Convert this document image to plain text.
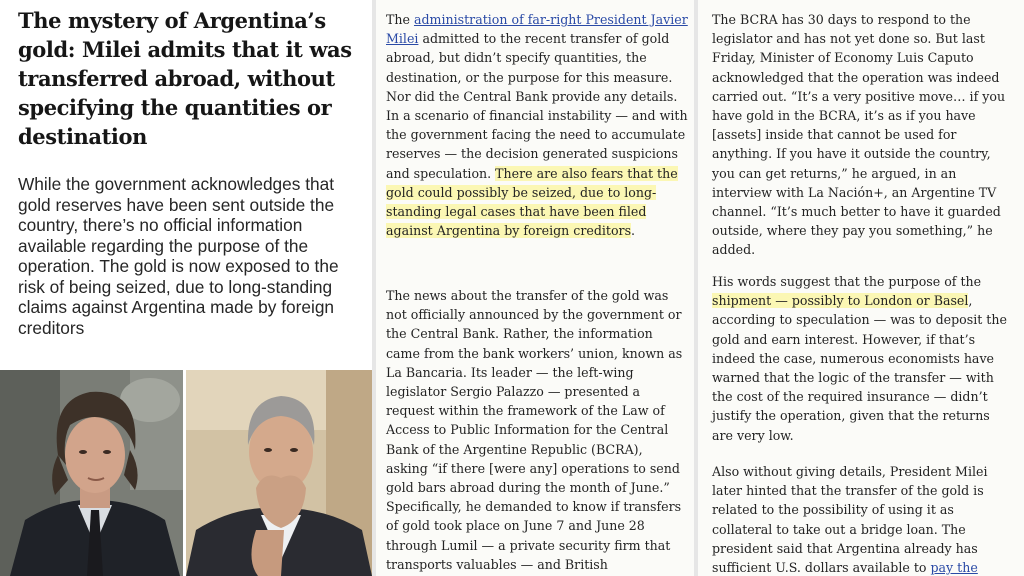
The mystery of Argentina’s gold: Milei admits that it was transferred abroad, without specifying the quantities or destination

While the government acknowledges that gold reserves have been sent outside the country, there’s no official information available regarding the purpose of the operation. The gold is now exposed to the risk of being seized, due to long-standing claims against Argentina made by foreign creditors

The administration of far-right President Javier Milei admitted to the recent transfer of gold abroad, but didn’t specify quantities, the destination, or the purpose for this measure. Nor did the Central Bank provide any details. In a scenario of financial instability — and with the government facing the need to accumulate reserves — the decision generated suspicions and speculation. There are also fears that the gold could possibly be seized, due to long-standing legal cases that have been filed against Argentina by foreign creditors.

The news about the transfer of the gold was not officially announced by the government or the Central Bank. Rather, the information came from the bank workers’ union, known as La Bancaria. Its leader — the left-wing legislator Sergio Palazzo — presented a request within the framework of the Law of Access to Public Information for the Central Bank of the Argentine Republic (BCRA), asking “if there [were any] operations to send gold bars abroad during the month of June.” Specifically, he demanded to know if transfers of gold took place on June 7 and June 28 through Lumil — a private security firm that transports valuables — and British

The BCRA has 30 days to respond to the legislator and has not yet done so. But last Friday, Minister of Economy Luis Caputo acknowledged that the operation was indeed carried out. “It’s a very positive move… if you have gold in the BCRA, it’s as if you have [assets] inside that cannot be used for anything. If you have it outside the country, you can get returns,” he argued, in an interview with La Nación+, an Argentine TV channel. “It’s much better to have it guarded outside, where they pay you something,” he added.

His words suggest that the purpose of the shipment — possibly to London or Basel, according to speculation — was to deposit the gold and earn interest. However, if that’s indeed the case, numerous economists have warned that the logic of the transfer — with the cost of the required insurance — didn’t justify the operation, given that the returns are very low.
Also without giving details, President Milei later hinted that the transfer of the gold is related to the possibility of using it as collateral to take out a bridge loan. The president said that Argentina already has sufficient U.S. dollars available to pay the
